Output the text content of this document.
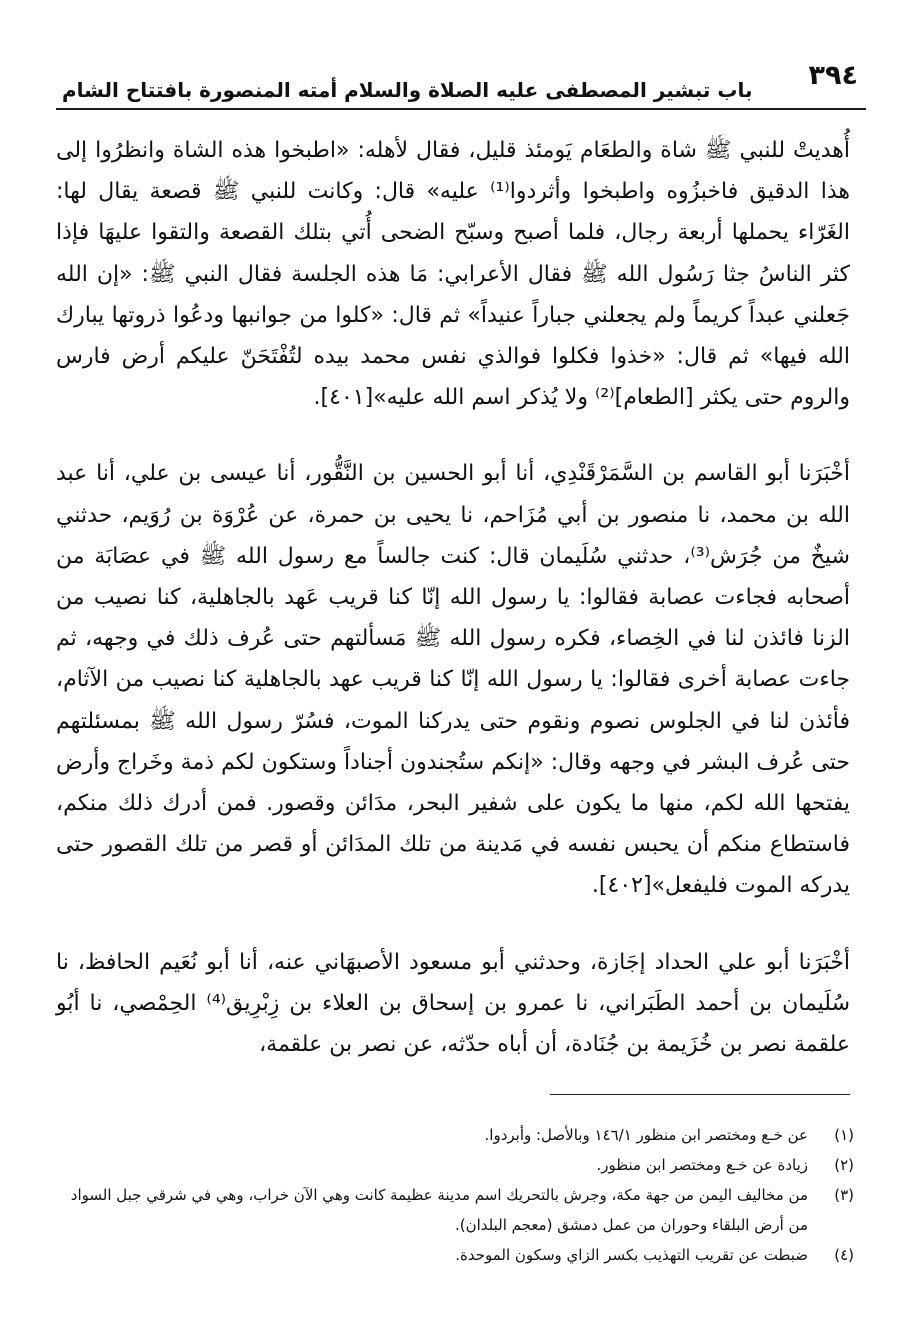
٣٩٤
باب تبشير المصطفى عليه الصلاة والسلام أمته المنصورة بافتتاح الشام

أُهديتْ للنبي ﷺ شاة والطعَام يَومئذ قليل، فقال لأهله: «اطبخوا هذه الشاة وانظرُوا إلى هذا الدقيق فاخبزُوه واطبخوا وأثردوا⁽¹⁾ عليه» قال: وكانت للنبي ﷺ قصعة يقال لها: الغَرّاء يحملها أربعة رجال، فلما أصبح وسبّح الضحى أُتي بتلك القصعة والتقوا عليهَا فإذا كثر الناسُ جثا رَسُول الله ﷺ فقال الأعرابي: مَا هذه الجلسة فقال النبي ﷺ: «إن الله جَعلني عبداً كريماً ولم يجعلني جباراً عنيداً» ثم قال: «كلوا من جوانبها ودعُوا ذروتها يبارك الله فيها» ثم قال: «خذوا فكلوا فوالذي نفس محمد بيده لتُفْتَحَنّ عليكم أرض فارس والروم حتى يكثر [الطعام]⁽²⁾ ولا يُذكر اسم الله عليه»[٤٠١].

أخْبَرَنا أبو القاسم بن السَّمَرْقَنْدِي، أنا أبو الحسين بن النَّقُّور، أنا عيسى بن علي، أنا عبد الله بن محمد، نا منصور بن أبي مُزَاحم، نا يحيى بن حمرة، عن عُرْوَة بن رُوَيم، حدثني شيخٌ من جُرَش⁽³⁾، حدثني سُلَيمان قال: كنت جالساً مع رسول الله ﷺ في عصَابَة من أصحابه فجاءت عصابة فقالوا: يا رسول الله إنّا كنا قريب عَهد بالجاهلية، كنا نصيب من الزنا فائذن لنا في الخِصاء، فكره رسول الله ﷺ مَسألتهم حتى عُرف ذلك في وجهه، ثم جاءت عصابة أخرى فقالوا: يا رسول الله إنّا كنا قريب عهد بالجاهلية كنا نصيب من الآثام، فأئذن لنا في الجلوس نصوم ونقوم حتى يدركنا الموت، فسُرّ رسول الله ﷺ بمسئلتهم حتى عُرف البشر في وجهه وقال: «إنكم ستُجندون أجناداً وستكون لكم ذمة وخَراج وأرض يفتحها الله لكم، منها ما يكون على شفير البحر، مدَائن وقصور. فمن أدرك ذلك منكم، فاستطاع منكم أن يحبس نفسه في مَدينة من تلك المدَائن أو قصر من تلك القصور حتى يدركه الموت فليفعل»[٤٠٢].

أخْبَرَنا أبو علي الحداد إجَازة، وحدثني أبو مسعود الأصبهَاني عنه، أنا أبو نُعَيم الحافظ، نا سُلَيمان بن أحمد الطَبَراني، نا عمرو بن إسحاق بن العلاء بن زِبْرِيق⁽⁴⁾ الحِمْصي، نا أبُو علقمة نصر بن خُزَيمة بن جُنَادة، أن أباه حدّثه، عن نصر بن علقمة،

(١)
عن خـع ومختصر ابن منظور ١٤٦/١ وبالأصل: وأبردوا.
(٢)
زيادة عن خـع ومختصر ابن منظور.
(٣)
من مخاليف اليمن من جهة مكة، وجرش بالتحريك اسم مدينة عظيمة كانت وهي الآن خراب، وهي في شرقي جبل السواد من أرض البلقاء وحوران من عمل دمشق (معجم البلدان).
(٤)
ضبطت عن تقريب التهذيب بكسر الزاي وسكون الموحدة.
